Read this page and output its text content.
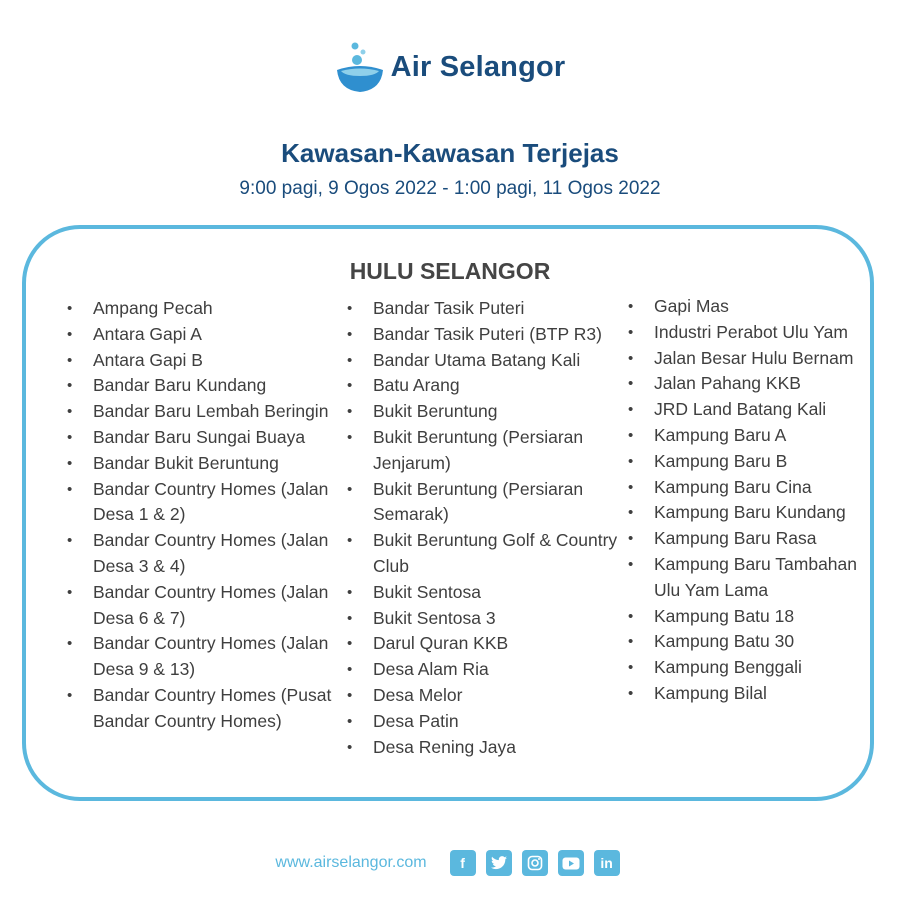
Air Selangor
Kawasan-Kawasan Terjejas
9:00 pagi, 9 Ogos 2022 - 1:00 pagi, 11 Ogos 2022
HULU SELANGOR
• Ampang Pecah
• Antara Gapi A
• Antara Gapi B
• Bandar Baru Kundang
• Bandar Baru Lembah Beringin
• Bandar Baru Sungai Buaya
• Bandar Bukit Beruntung
• Bandar Country Homes (Jalan Desa 1 & 2)
• Bandar Country Homes (Jalan Desa 3 & 4)
• Bandar Country Homes (Jalan Desa 6 & 7)
• Bandar Country Homes (Jalan Desa 9 & 13)
• Bandar Country Homes (Pusat Bandar Country Homes)
• Bandar Tasik Puteri
• Bandar Tasik Puteri (BTP R3)
• Bandar Utama Batang Kali
• Batu Arang
• Bukit Beruntung
• Bukit Beruntung (Persiaran Jenjarum)
• Bukit Beruntung (Persiaran Semarak)
• Bukit Beruntung Golf & Country Club
• Bukit Sentosa
• Bukit Sentosa 3
• Darul Quran KKB
• Desa Alam Ria
• Desa Melor
• Desa Patin
• Desa Rening Jaya
• Gapi Mas
• Industri Perabot Ulu Yam
• Jalan Besar Hulu Bernam
• Jalan Pahang KKB
• JRD Land Batang Kali
• Kampung Baru A
• Kampung Baru B
• Kampung Baru Cina
• Kampung Baru Kundang
• Kampung Baru Rasa
• Kampung Baru Tambahan Ulu Yam Lama
• Kampung Batu 18
• Kampung Batu 30
• Kampung Benggali
• Kampung Bilal
www.airselangor.com f	in
